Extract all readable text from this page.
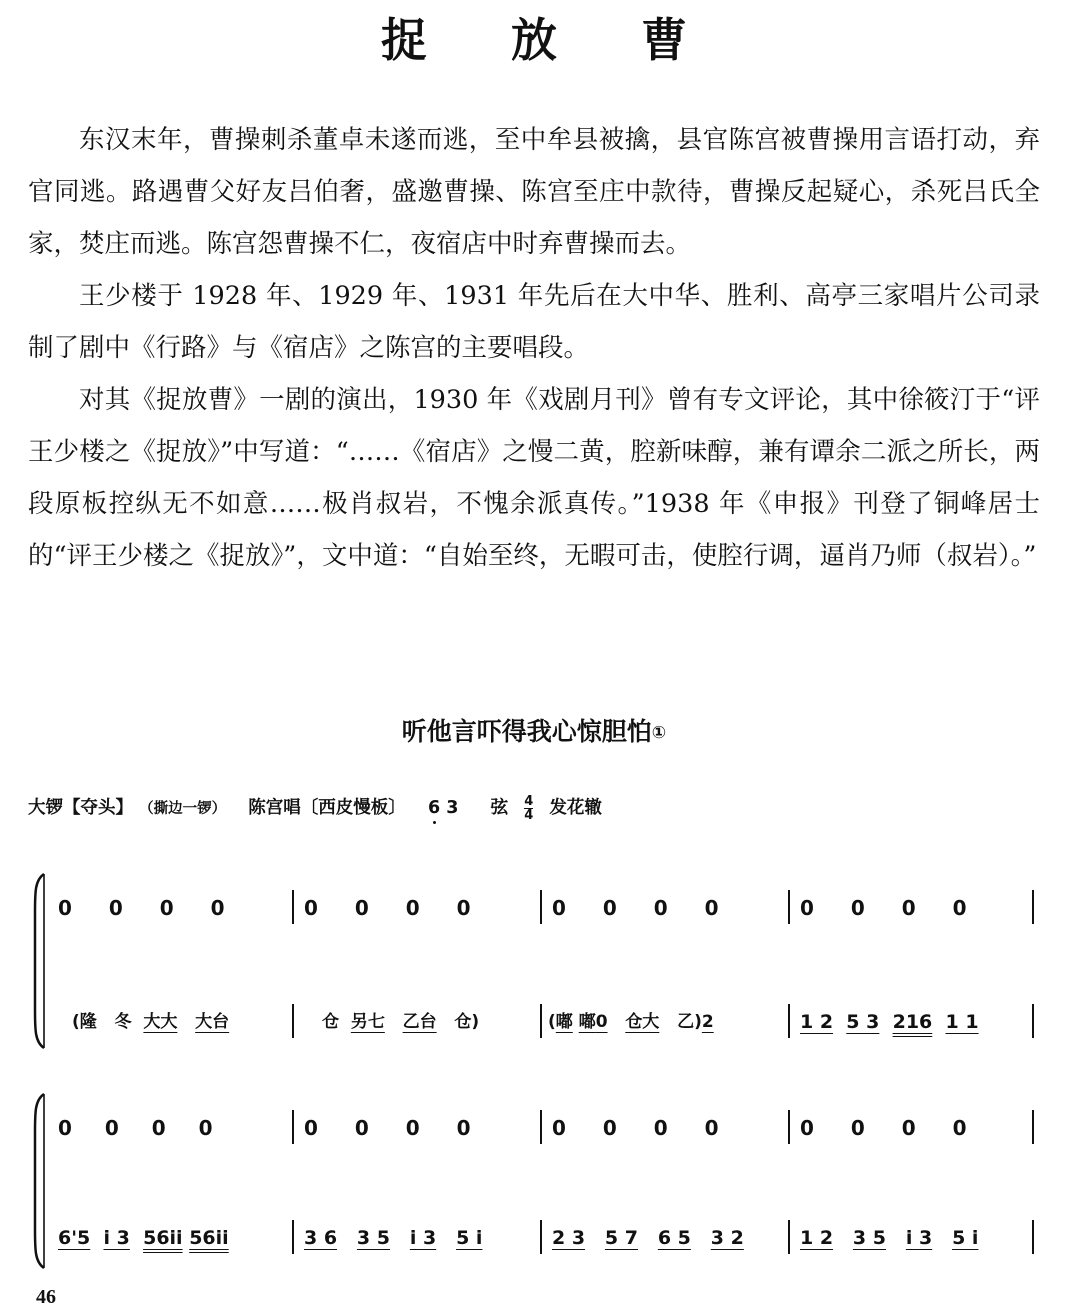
捉 放 曹

东汉末年，曹操刺杀董卓未遂而逃，至中牟县被擒，县官陈宫被曹操用言语打动，弃官同逃。路遇曹父好友吕伯奢，盛邀曹操、陈宫至庄中款待，曹操反起疑心，杀死吕氏全家，焚庄而逃。陈宫怨曹操不仁，夜宿店中时弃曹操而去。

王少楼于 1928 年、1929 年、1931 年先后在大中华、胜利、高亭三家唱片公司录制了剧中《行路》与《宿店》之陈宫的主要唱段。

对其《捉放曹》一剧的演出，1930 年《戏剧月刊》曾有专文评论，其中徐筱汀于“评王少楼之《捉放》”中写道：“……《宿店》之慢二黄，腔新味醇，兼有谭余二派之所长，两段原板控纵无不如意……极肖叔岩，不愧余派真传。”1938 年《申报》刊登了铜峰居士的“评王少楼之《捉放》”，文中道：“自始至终，无暇可击，使腔行调，逼肖乃师（叔岩）。”

听他言吓得我心惊胆怕①
大锣【夺头】 （撕边一锣） 陈宫唱〔西皮慢板〕 6 3 弦 $\frac{4}{4}$ 发花辙
0 0 0 0	0 0 0 0	0 0 0 0	0 0 0 0
(隆 冬 大大 大台	仓 另七 乙台 仓)	(嘟 嘟0 仓大 乙)2	1 2 5 3 216 1 1
0 0 0 0	0 0 0 0	0 0 0 0	0 0 0 0
6'5 i 3 56ii 56ii	3 6 3 5 i 3 5 i	2 3 5 7 6 5 3 2	1 2 3 5 i 3 5 i
46
